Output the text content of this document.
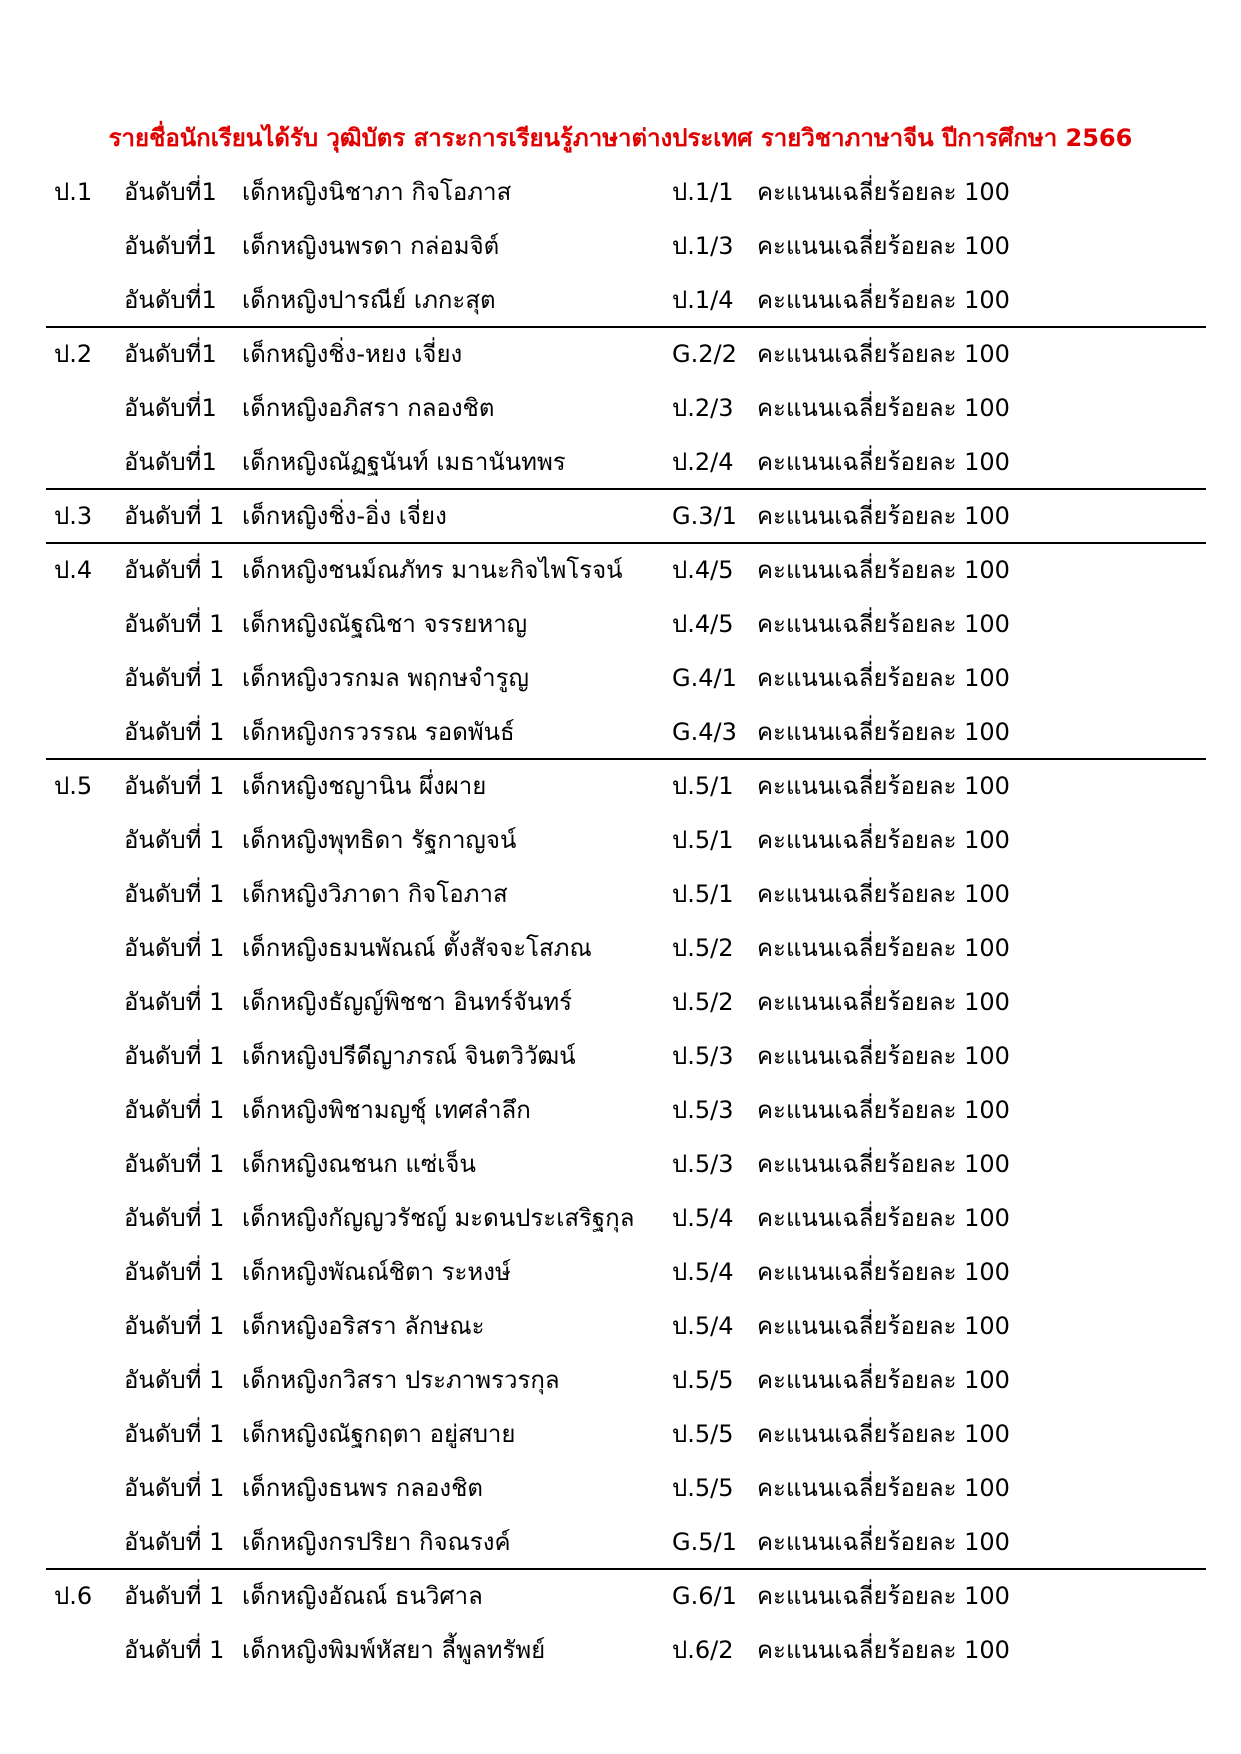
รายชื่อนักเรียนได้รับ วุฒิบัตร สาระการเรียนรู้ภาษาต่างประเทศ รายวิชาภาษาจีน ปีการศึกษา 2566
ป.1 อันดับที่1 เด็กหญิงนิชาภา กิจโอภาส	ป.1/1 คะแนนเฉลี่ยร้อยละ 100
อันดับที่1 เด็กหญิงนพรดา กล่อมจิต์	ป.1/3 คะแนนเฉลี่ยร้อยละ 100
อันดับที่1 เด็กหญิงปารณีย์ เภกะสุต	ป.1/4 คะแนนเฉลี่ยร้อยละ 100
ป.2 อันดับที่1 เด็กหญิงชิ่ง-หยง เจี่ยง	G.2/2 คะแนนเฉลี่ยร้อยละ 100
อันดับที่1 เด็กหญิงอภิสรา กลองชิต	ป.2/3 คะแนนเฉลี่ยร้อยละ 100
อันดับที่1 เด็กหญิงณัฏฐนันท์ เมธานันทพร	ป.2/4 คะแนนเฉลี่ยร้อยละ 100
ป.3 อันดับที่ 1 เด็กหญิงชิ่ง-อิ่ง เจี่ยง	G.3/1 คะแนนเฉลี่ยร้อยละ 100
ป.4 อันดับที่ 1 เด็กหญิงชนม์ณภัทร มานะกิจไพโรจน์ ป.4/5 คะแนนเฉลี่ยร้อยละ 100
อันดับที่ 1 เด็กหญิงณัฐณิชา จรรยหาญ	ป.4/5 คะแนนเฉลี่ยร้อยละ 100
อันดับที่ 1 เด็กหญิงวรกมล พฤกษจำรูญ	G.4/1 คะแนนเฉลี่ยร้อยละ 100
อันดับที่ 1 เด็กหญิงกรวรรณ รอดพันธ์	G.4/3 คะแนนเฉลี่ยร้อยละ 100
ป.5 อันดับที่ 1 เด็กหญิงชญานิน ผึ่งผาย	ป.5/1 คะแนนเฉลี่ยร้อยละ 100
อันดับที่ 1 เด็กหญิงพุทธิดา รัฐกาญจน์	ป.5/1 คะแนนเฉลี่ยร้อยละ 100
อันดับที่ 1 เด็กหญิงวิภาดา กิจโอภาส	ป.5/1 คะแนนเฉลี่ยร้อยละ 100
อันดับที่ 1 เด็กหญิงธมนพัณณ์ ตั้งสัจจะโสภณ	ป.5/2 คะแนนเฉลี่ยร้อยละ 100
อันดับที่ 1 เด็กหญิงธัญญ์พิชชา อินทร์จันทร์	ป.5/2 คะแนนเฉลี่ยร้อยละ 100
อันดับที่ 1 เด็กหญิงปรีดีญาภรณ์ จินตวิวัฒน์	ป.5/3 คะแนนเฉลี่ยร้อยละ 100
อันดับที่ 1 เด็กหญิงพิชามญชุ์ เทศลำลึก	ป.5/3 คะแนนเฉลี่ยร้อยละ 100
อันดับที่ 1 เด็กหญิงณชนก แซ่เจ็น	ป.5/3 คะแนนเฉลี่ยร้อยละ 100
อันดับที่ 1 เด็กหญิงกัญญวรัชญ์ มะดนประเสริฐกุล ป.5/4 คะแนนเฉลี่ยร้อยละ 100
อันดับที่ 1 เด็กหญิงพัณณ์ชิตา ระหงษ์	ป.5/4 คะแนนเฉลี่ยร้อยละ 100
อันดับที่ 1 เด็กหญิงอริสรา ลักษณะ	ป.5/4 คะแนนเฉลี่ยร้อยละ 100
อันดับที่ 1 เด็กหญิงกวิสรา ประภาพรวรกุล	ป.5/5 คะแนนเฉลี่ยร้อยละ 100
อันดับที่ 1 เด็กหญิงณัฐกฤตา อยู่สบาย	ป.5/5 คะแนนเฉลี่ยร้อยละ 100
อันดับที่ 1 เด็กหญิงธนพร กลองชิต	ป.5/5 คะแนนเฉลี่ยร้อยละ 100
อันดับที่ 1 เด็กหญิงกรปริยา กิจณรงค์	G.5/1 คะแนนเฉลี่ยร้อยละ 100
ป.6 อันดับที่ 1 เด็กหญิงอัณณ์ ธนวิศาล	G.6/1 คะแนนเฉลี่ยร้อยละ 100
อันดับที่ 1 เด็กหญิงพิมพ์หัสยา ลี้พูลทรัพย์	ป.6/2 คะแนนเฉลี่ยร้อยละ 100
